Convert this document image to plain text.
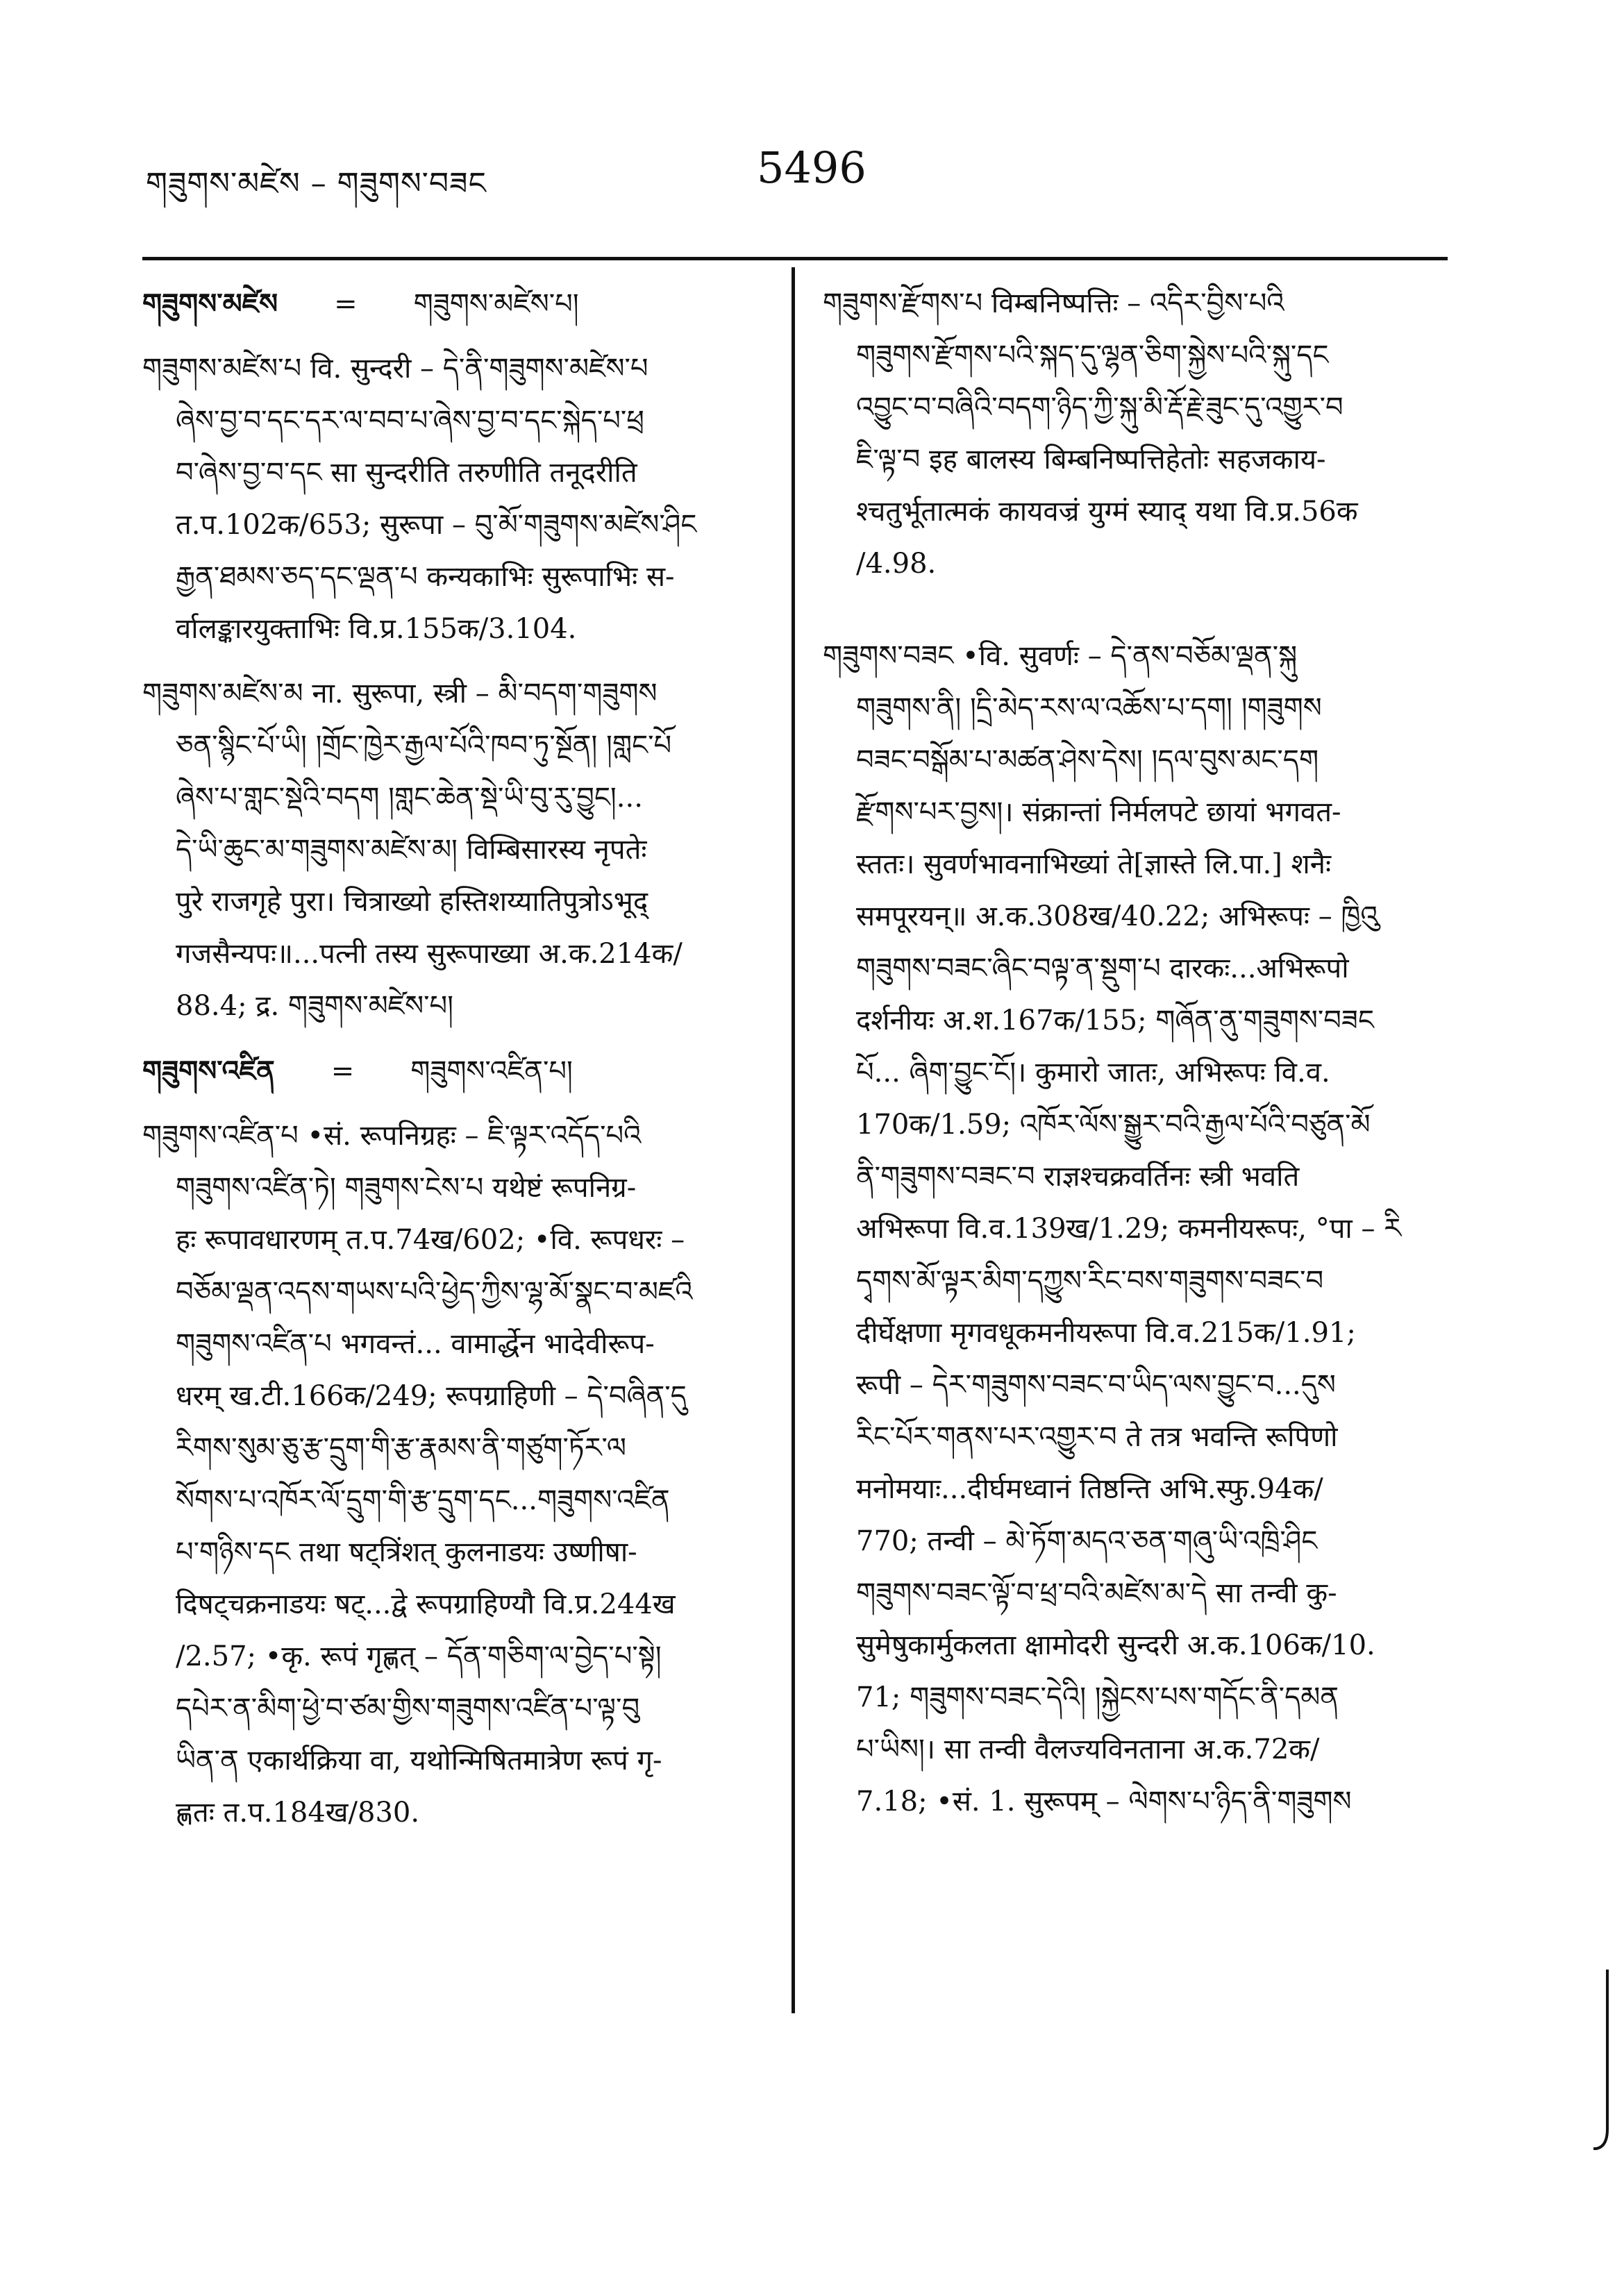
གཟུགས་མཛེས – གཟུགས་བཟང	5496
གཟུགས་མཛེས = གཟུགས་མཛེས་པ།
གཟུགས་མཛེས་པ वि. सुन्दरी – དེ་ནི་གཟུགས་མཛེས་པ
ཞེས་བྱ་བ་དང་དར་ལ་བབ་པ་ཞེས་བྱ་བ་དང་སྐེད་པ་ཕྲ
བ་ཞེས་བྱ་བ་དང सा सुन्दरीति तरुणीति तनूदरीति
त.प.102क/653; सुरूपा – བུ་མོ་གཟུགས་མཛེས་ཤིང
རྒྱན་ཐམས་ཅད་དང་ལྡན་པ कन्यकाभिः सुरूपाभिः स-
र्वालङ्कारयुक्ताभिः वि.प्र.155क/3.104.
གཟུགས་མཛེས་མ ना. सुरूपा, स्त्री – མི་བདག་གཟུགས
ཅན་སྙིང་པོ་ཡི། །གྲོང་ཁྱེར་རྒྱལ་པོའི་ཁབ་ཏུ་སྔོན། །གླང་པོ
ཞེས་པ་གླང་སྡེའི་བདག །གླང་ཆེན་སྡེ་ཡི་བུ་རུ་བྱུང།...
དེ་ཡི་ཆུང་མ་གཟུགས་མཛེས་མ། विम्बिसारस्य नृपतेः
पुरे राजगृहे पुरा। चित्राख्यो हस्तिशय्यातिपुत्रोऽभूद्
गजसैन्यपः॥...पत्नी तस्य सुरूपाख्या अ.क.214क/
88.4; द्र. གཟུགས་མཛེས་པ།
གཟུགས་འཛིན = གཟུགས་འཛིན་པ།
གཟུགས་འཛིན་པ •सं. रूपनिग्रहः – ཇི་ལྟར་འདོད་པའི
གཟུགས་འཛིན་ཏེ། གཟུགས་ངེས་པ यथेष्टं रूपनिग्र-
हः रूपावधारणम् त.प.74ख/602; •वि. रूपधरः –
བཅོམ་ལྡན་འདས་གཡས་པའི་ཕྱེད་ཀྱིས་ལྷ་མོ་སྣང་བ་མཛའི
གཟུགས་འཛིན་པ भगवन्तं... वामार्द्धेन भादेवीरूप-
धरम् ख.टी.166क/249; रूपग्राहिणी – དེ་བཞིན་དུ
རིགས་སུམ་ཅུ་རྩ་དྲུག་གི་རྩ་རྣམས་ནི་གཙུག་ཏོར་ལ
སོགས་པ་འཁོར་ལོ་དྲུག་གི་རྩ་དྲུག་དང...གཟུགས་འཛིན
པ་གཉིས་དང तथा षट्त्रिंशत् कुलनाडयः उष्णीषा-
दिषट्चक्रनाडयः षट्...द्वे रूपग्राहिण्यौ वि.प्र.244ख
/2.57; •कृ. रूपं गृह्णत् – དོན་གཅིག་ལ་བྱེད་པ་སྟེ།
དཔེར་ན་མིག་ཕྱེ་བ་ཙམ་གྱིས་གཟུགས་འཛིན་པ་ལྟ་བུ
ཡིན་ན एकार्थक्रिया वा, यथोन्मिषितमात्रेण रूपं गृ-
ह्णतः त.प.184ख/830.
གཟུགས་རྫོགས་པ विम्बनिष्पत्तिः – འདིར་བྱིས་པའི
གཟུགས་རྫོགས་པའི་སྐད་དུ་ལྷན་ཅིག་སྐྱེས་པའི་སྐུ་དང
འབྱུང་བ་བཞིའི་བདག་ཉིད་ཀྱི་སྐུ་མི་རྡོ་རྗེ་ཟུང་དུ་འགྱུར་བ
ཇི་ལྟ་བ इह बालस्य बिम्बनिष्पत्तिहेतोः सहजकाय-
श्चतुर्भूतात्मकं कायवज्रं युग्मं स्याद् यथा वि.प्र.56क
/4.98.
གཟུགས་བཟང •वि. सुवर्णः – དེ་ནས་བཅོམ་ལྡན་སྐུ
གཟུགས་ནི། །དྲི་མེད་རས་ལ་འཆོས་པ་དག། །གཟུགས
བཟང་བསྒོམ་པ་མཚན་ཤེས་དེས། །དལ་བུས་མང་དག
རྫོགས་པར་བྱས།। संक्रान्तां निर्मलपटे छायां भगवत-
स्ततः। सुवर्णभावनाभिख्यां ते[ज्ञास्ते लि.पा.] शनैः
समपूरयन्॥ अ.क.308ख/40.22; अभिरूपः – ཁྱིའུ
གཟུགས་བཟང་ཞིང་བལྟ་ན་སྡུག་པ दारकः...अभिरूपो
दर्शनीयः अ.श.167क/155; གཞོན་ནུ་གཟུགས་བཟང
པོ... ཞིག་བྱུང་ངོ།। कुमारो जातः, अभिरूपः वि.व.
170क/1.59; འཁོར་ལོས་སྒྱུར་བའི་རྒྱལ་པོའི་བཙུན་མོ
ནི་གཟུགས་བཟང་བ राज्ञश्चक्रवर्तिनः स्त्री भवति
अभिरूपा वि.व.139ख/1.29; कमनीयरूपः, °पा – རི
དྭགས་མོ་ལྟར་མིག་དཀྱུས་རིང་བས་གཟུགས་བཟང་བ
दीर्घेक्षणा मृगवधूकमनीयरूपा वि.व.215क/1.91;
रूपी – དེར་གཟུགས་བཟང་བ་ཡིད་ལས་བྱུང་བ...དུས
རིང་པོར་གནས་པར་འགྱུར་བ ते तत्र भवन्ति रूपिणो
मनोमयाः...दीर्घमध्वानं तिष्ठन्ति अभि.स्फु.94क/
770; तन्वी – མེ་ཏོག་མདའ་ཅན་གཞུ་ཡི་འཁྲི་ཤིང
གཟུགས་བཟང་ལྟོ་བ་ཕྲ་བའི་མཛེས་མ་དེ सा तन्वी कु-
सुमेषुकार्मुकलता क्षामोदरी सुन्दरी अ.क.106क/10.
71; གཟུགས་བཟང་དེའི། །སྐྱེངས་པས་གདོང་ནི་དམན
པ་ཡིས།। सा तन्वी वैलज्यविनताना अ.क.72क/
7.18; •सं. 1. सुरूपम् – ལེགས་པ་ཉིད་ནི་གཟུགས
